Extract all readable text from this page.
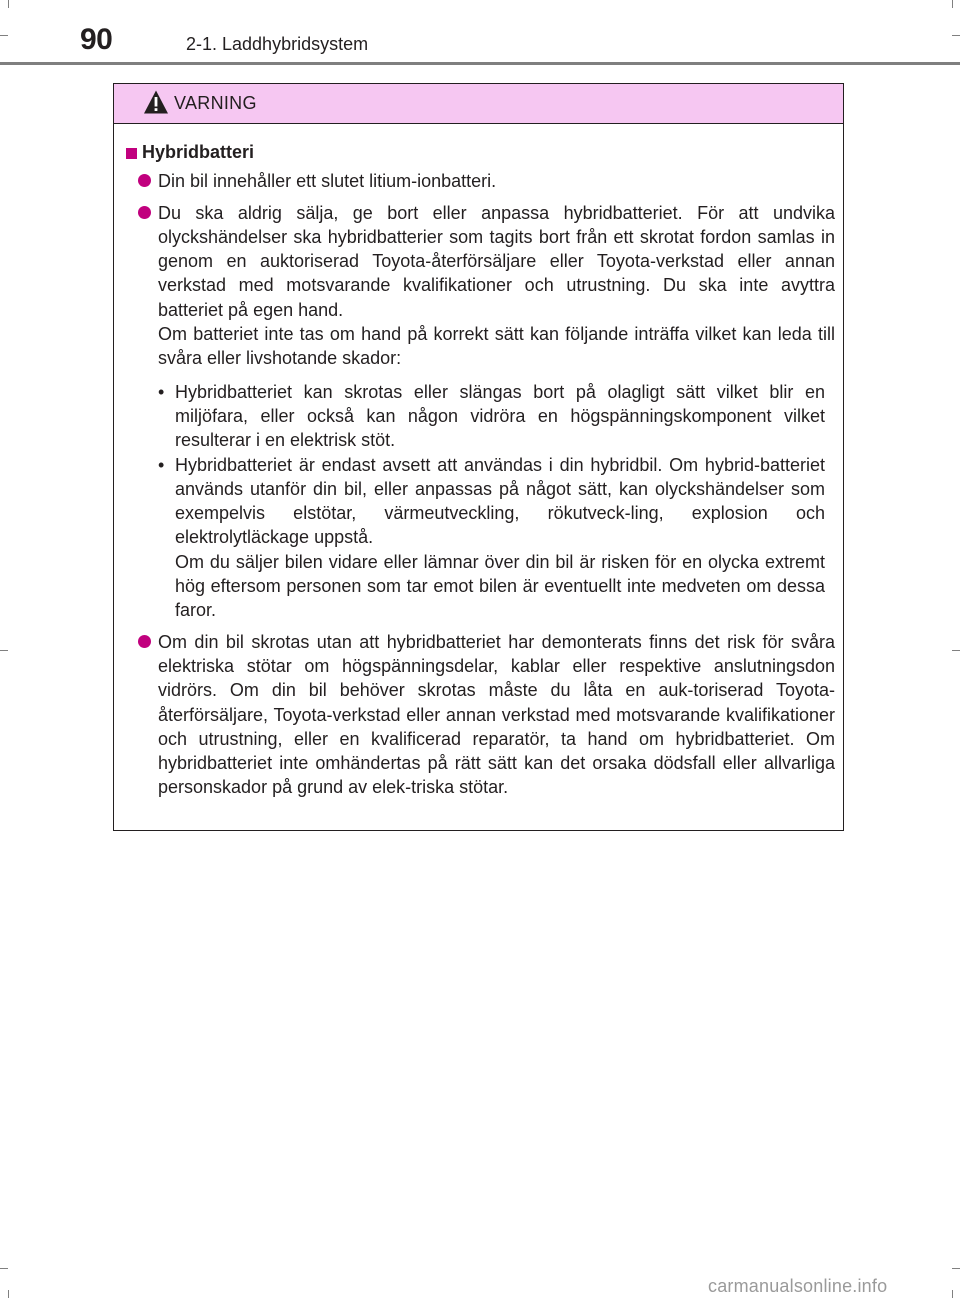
90	2-1. Laddhybridsystem
VARNING
Hybridbatteri

Din bil innehåller ett slutet litium-ionbatteri.

Du ska aldrig sälja, ge bort eller anpassa hybridbatteriet. För att undvika olyckshändelser ska hybridbatterier som tagits bort från ett skrotat fordon samlas in genom en auktoriserad Toyota-återförsäljare eller Toyota-verkstad eller annan verkstad med motsvarande kvalifikationer och utrustning. Du ska inte avyttra batteriet på egen hand.

Om batteriet inte tas om hand på korrekt sätt kan följande inträffa vilket kan leda till svåra eller livshotande skador:

• Hybridbatteriet kan skrotas eller slängas bort på olagligt sätt vilket blir en miljöfara, eller också kan någon vidröra en högspänningskomponent vilket resulterar i en elektrisk stöt.

• Hybridbatteriet är endast avsett att användas i din hybridbil. Om hybrid-batteriet används utanför din bil, eller anpassas på något sätt, kan olyckshändelser som exempelvis elstötar, värmeutveckling, rökutveck-ling, explosion och elektrolytläckage uppstå.

Om du säljer bilen vidare eller lämnar över din bil är risken för en olycka extremt hög eftersom personen som tar emot bilen är eventuellt inte medveten om dessa faror.

Om din bil skrotas utan att hybridbatteriet har demonterats finns det risk för svåra elektriska stötar om högspänningsdelar, kablar eller respektive anslutningsdon vidrörs. Om din bil behöver skrotas måste du låta en auk-toriserad Toyota-återförsäljare, Toyota-verkstad eller annan verkstad med motsvarande kvalifikationer och utrustning, eller en kvalificerad reparatör, ta hand om hybridbatteriet. Om hybridbatteriet inte omhändertas på rätt sätt kan det orsaka dödsfall eller allvarliga personskador på grund av elek-triska stötar.

carmanualsonline.info
